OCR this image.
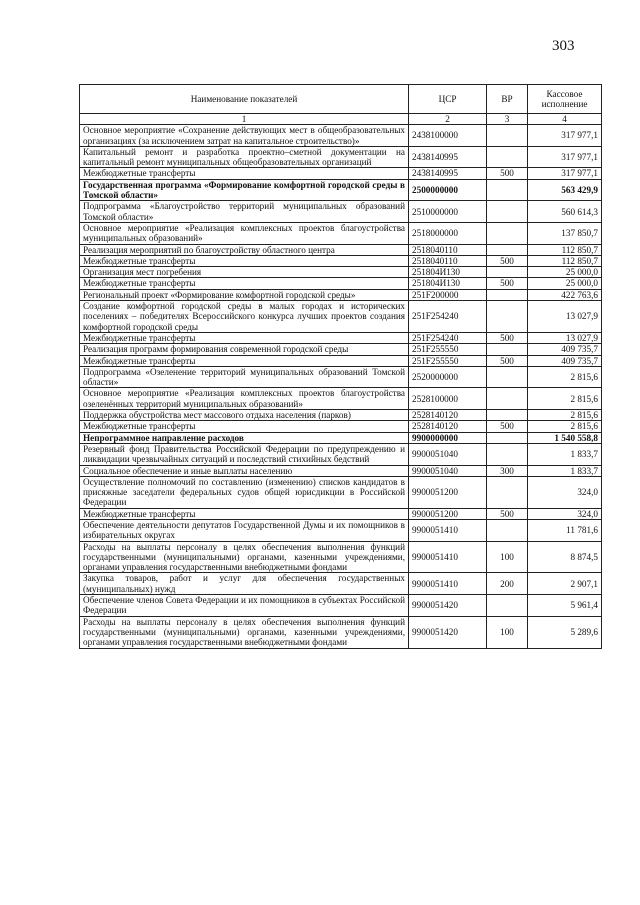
303
Наименование показателей	ЦСР	ВР	Кассовое исполнение
1	2	3	4
Основное мероприятие «Сохранение действующих мест в общеобразовательных организациях (за исключением затрат на капитальное строительство)»	2438100000		317 977,1
Капитальный ремонт и разработка проектно–сметной документации на капитальный ремонт муниципальных общеобразовательных организаций	2438140995		317 977,1
Межбюджетные трансферты	2438140995	500	317 977,1
Государственная программа «Формирование комфортной городской среды в Томской области»	2500000000		563 429,9
Подпрограмма «Благоустройство территорий муниципальных образований Томской области»	2510000000		560 614,3
Основное мероприятие «Реализация комплексных проектов благоустройства муниципальных образований»	2518000000		137 850,7
Реализация мероприятий по благоустройству областного центра	2518040110		112 850,7
Межбюджетные трансферты	2518040110	500	112 850,7
Организация мест погребения	251804И130		25 000,0
Межбюджетные трансферты	251804И130	500	25 000,0
Региональный проект «Формирование комфортной городской среды»	251F200000		422 763,6
Создание комфортной городской среды в малых городах и исторических поселениях – победителях Всероссийского конкурса лучших проектов создания комфортной городской среды	251F254240		13 027,9
Межбюджетные трансферты	251F254240	500	13 027,9
Реализация программ формирования современной городской среды	251F255550		409 735,7
Межбюджетные трансферты	251F255550	500	409 735,7
Подпрограмма «Озеленение территорий муниципальных образований Томской области»	2520000000		2 815,6
Основное мероприятие «Реализация комплексных проектов благоустройства озеленённых территорий муниципальных образований»	2528100000		2 815,6
Поддержка обустройства мест массового отдыха населения (парков)	2528140120		2 815,6
Межбюджетные трансферты	2528140120	500	2 815,6
Непрограммное направление расходов	9900000000		1 540 558,8
Резервный фонд Правительства Российской Федерации по предупреждению и ликвидации чрезвычайных ситуаций и последствий стихийных бедствий	9900051040		1 833,7
Социальное обеспечение и иные выплаты населению	9900051040	300	1 833,7
Осуществление полномочий по составлению (изменению) списков кандидатов в присяжные заседатели федеральных судов общей юрисдикции в Российской Федерации	9900051200		324,0
Межбюджетные трансферты	9900051200	500	324,0
Обеспечение деятельности депутатов Государственной Думы и их помощников в избирательных округах	9900051410		11 781,6
Расходы на выплаты персоналу в целях обеспечения выполнения функций государственными (муниципальными) органами, казенными учреждениями, органами управления государственными внебюджетными фондами	9900051410	100	8 874,5
Закупка товаров, работ и услуг для обеспечения государственных (муниципальных) нужд	9900051410	200	2 907,1
Обеспечение членов Совета Федерации и их помощников в субъектах Российской Федерации	9900051420		5 961,4
Расходы на выплаты персоналу в целях обеспечения выполнения функций государственными (муниципальными) органами, казенными учреждениями, органами управления государственными внебюджетными фондами	9900051420	100	5 289,6
